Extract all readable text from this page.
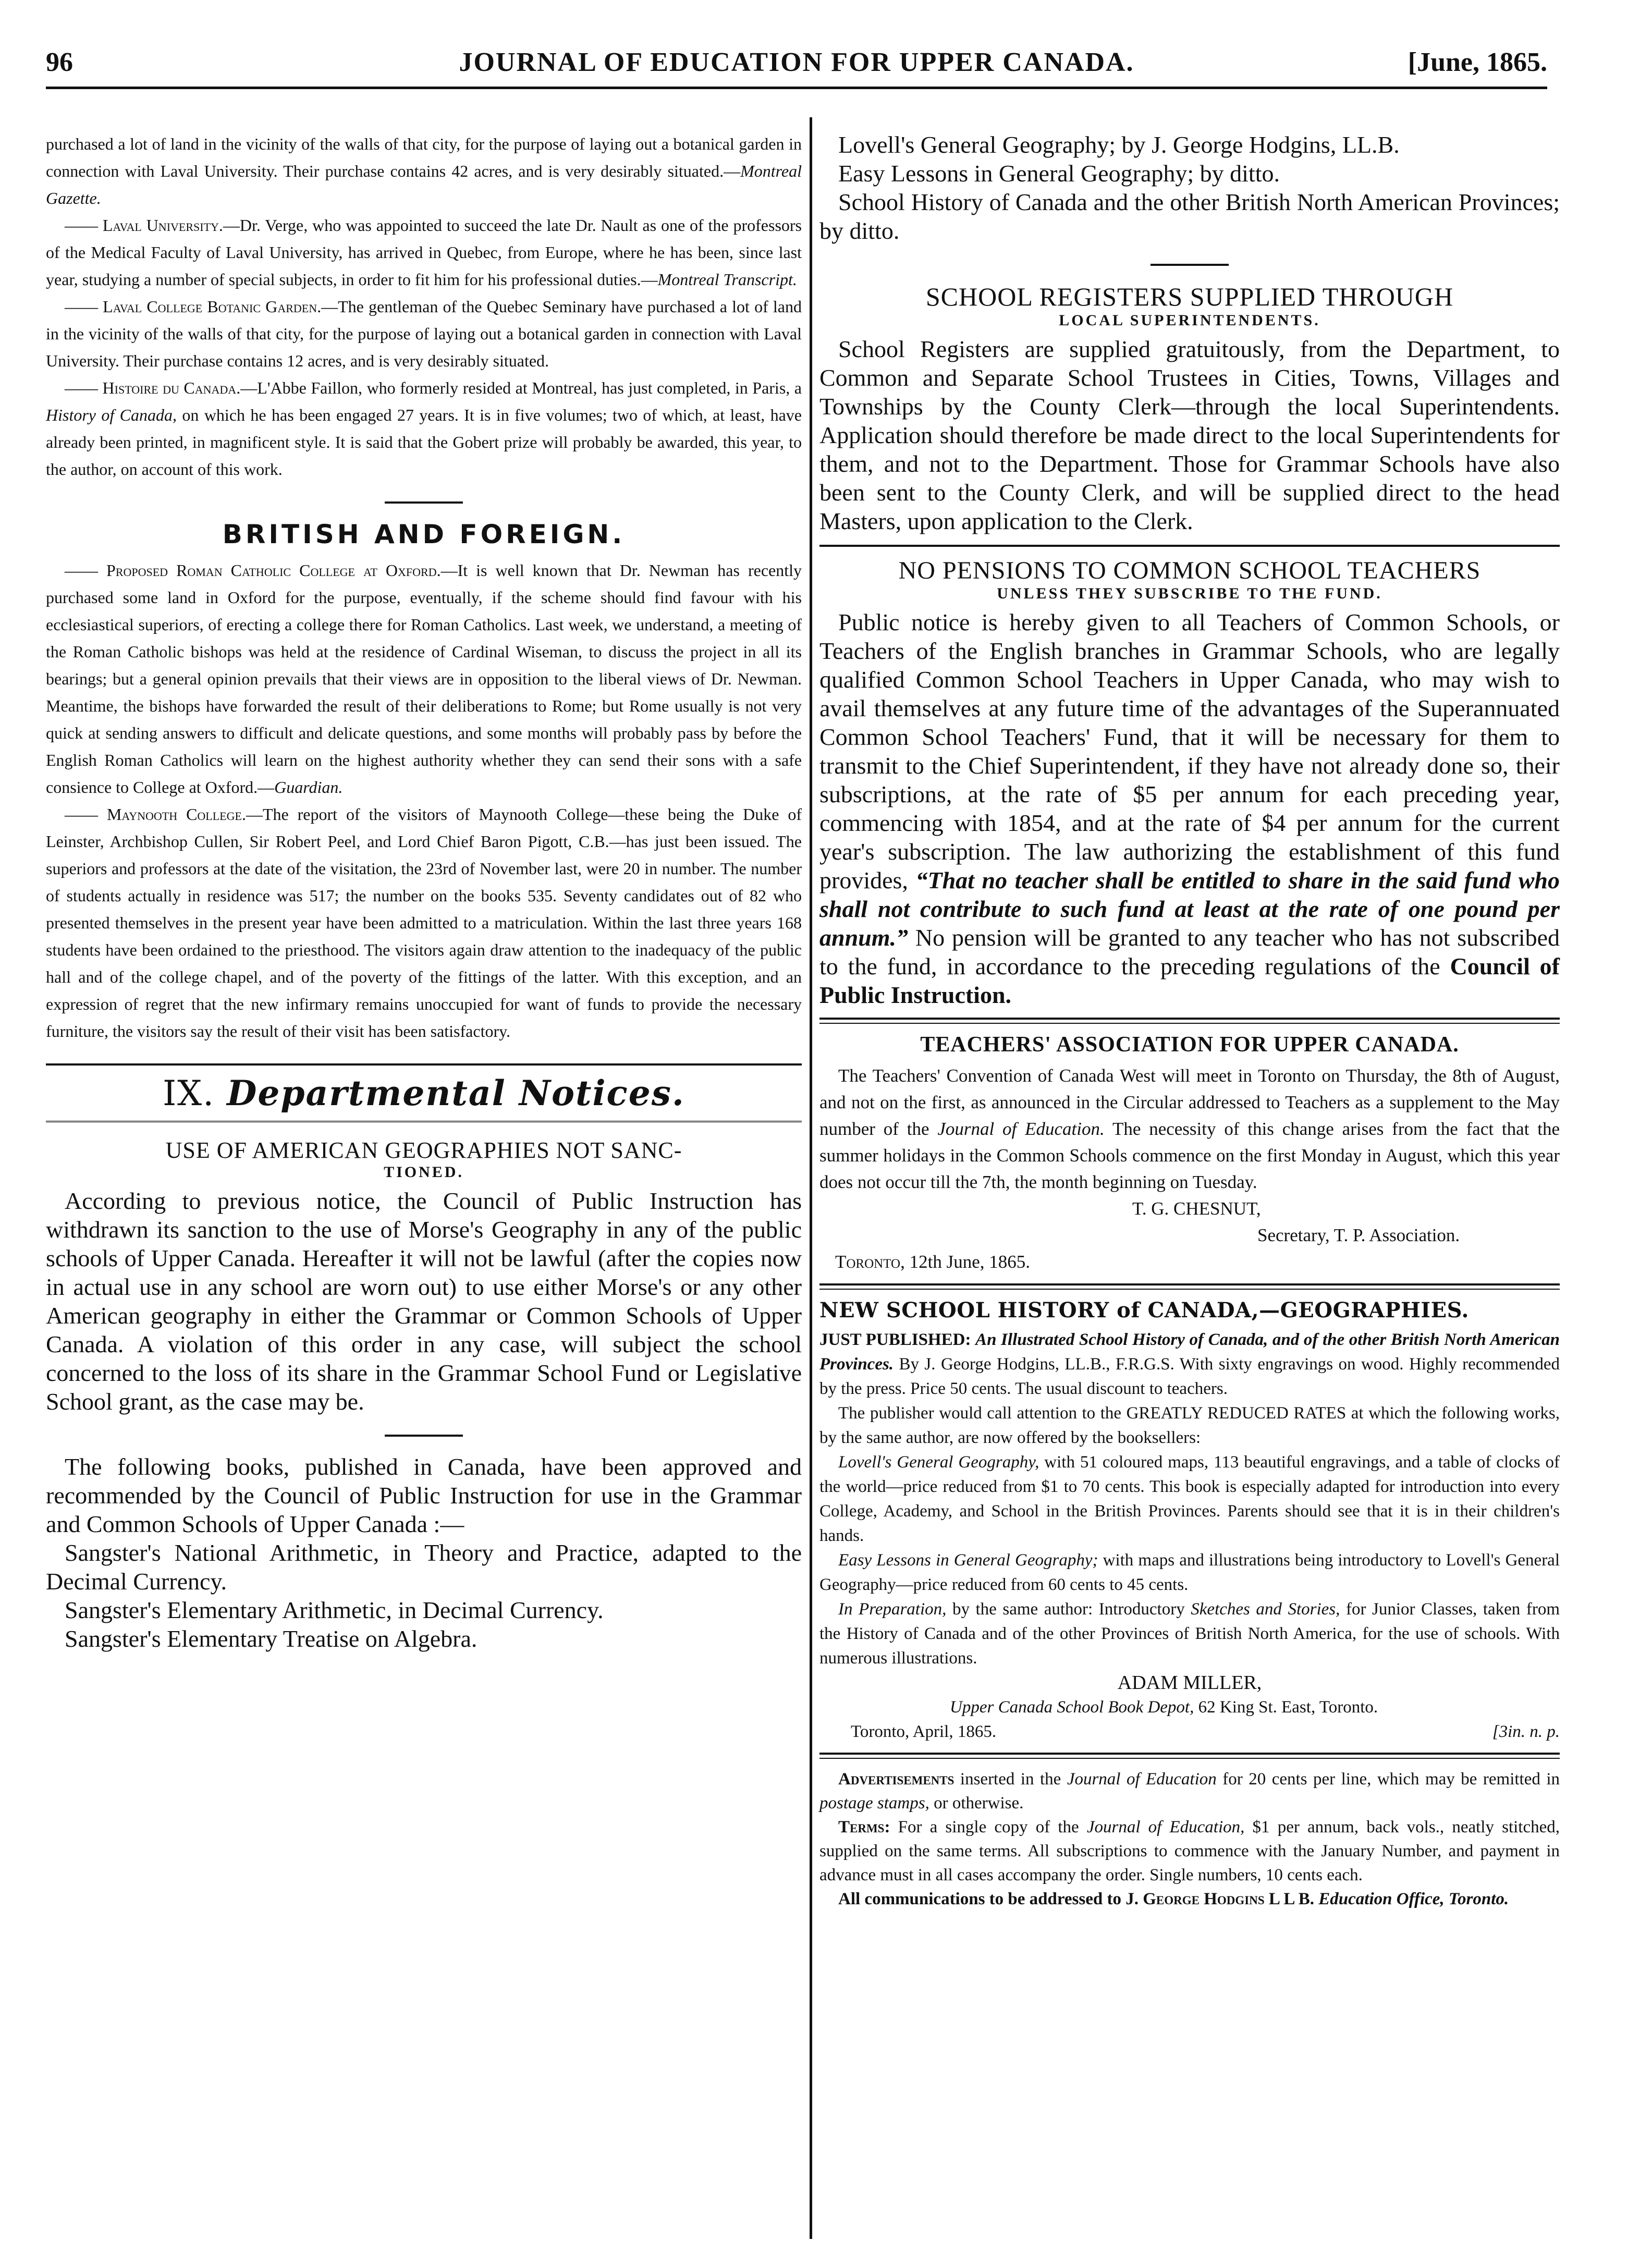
96	JOURNAL OF EDUCATION FOR UPPER CANADA.	[June, 1865.

purchased a lot of land in the vicinity of the walls of that city, for the purpose of laying out a botanical garden in connection with Laval University. Their purchase contains 42 acres, and is very desirably situated.—Montreal Gazette.

—— Laval University.—Dr. Verge, who was appointed to succeed the late Dr. Nault as one of the professors of the Medical Faculty of Laval University, has arrived in Quebec, from Europe, where he has been, since last year, studying a number of special subjects, in order to fit him for his professional duties.—Montreal Transcript.

—— Laval College Botanic Garden.—The gentleman of the Quebec Seminary have purchased a lot of land in the vicinity of the walls of that city, for the purpose of laying out a botanical garden in connection with Laval University. Their purchase contains 12 acres, and is very desirably situated.

—— Histoire du Canada.—L'Abbe Faillon, who formerly resided at Montreal, has just completed, in Paris, a History of Canada, on which he has been engaged 27 years. It is in five volumes; two of which, at least, have already been printed, in magnificent style. It is said that the Gobert prize will probably be awarded, this year, to the author, on account of this work.

BRITISH AND FOREIGN.

—— Proposed Roman Catholic College at Oxford.—It is well known that Dr. Newman has recently purchased some land in Oxford for the purpose, eventually, if the scheme should find favour with his ecclesiastical superiors, of erecting a college there for Roman Catholics. Last week, we understand, a meeting of the Roman Catholic bishops was held at the residence of Cardinal Wiseman, to discuss the project in all its bearings; but a general opinion prevails that their views are in opposition to the liberal views of Dr. Newman. Meantime, the bishops have forwarded the result of their deliberations to Rome; but Rome usually is not very quick at sending answers to difficult and delicate questions, and some months will probably pass by before the English Roman Catholics will learn on the highest authority whether they can send their sons with a safe consience to College at Oxford.—Guardian.

—— Maynooth College.—The report of the visitors of Maynooth College—these being the Duke of Leinster, Archbishop Cullen, Sir Robert Peel, and Lord Chief Baron Pigott, C.B.—has just been issued. The superiors and professors at the date of the visitation, the 23rd of November last, were 20 in number. The number of students actually in residence was 517; the number on the books 535. Seventy candidates out of 82 who presented themselves in the present year have been admitted to a matriculation. Within the last three years 168 students have been ordained to the priesthood. The visitors again draw attention to the inadequacy of the public hall and of the college chapel, and of the poverty of the fittings of the latter. With this exception, and an expression of regret that the new infirmary remains unoccupied for want of funds to provide the necessary furniture, the visitors say the result of their visit has been satisfactory.

IX. Departmental Notices.
USE OF AMERICAN GEOGRAPHIES NOT SANC-
TIONED.

According to previous notice, the Council of Public Instruction has withdrawn its sanction to the use of Morse's Geography in any of the public schools of Upper Canada. Hereafter it will not be lawful (after the copies now in actual use in any school are worn out) to use either Morse's or any other American geography in either the Grammar or Common Schools of Upper Canada. A violation of this order in any case, will subject the school concerned to the loss of its share in the Grammar School Fund or Legislative School grant, as the case may be.

The following books, published in Canada, have been approved and recommended by the Council of Public Instruction for use in the Grammar and Common Schools of Upper Canada :—

Sangster's National Arithmetic, in Theory and Practice, adapted to the Decimal Currency.

Sangster's Elementary Arithmetic, in Decimal Currency.

Sangster's Elementary Treatise on Algebra.

Lovell's General Geography; by J. George Hodgins, LL.B.

Easy Lessons in General Geography; by ditto.

School History of Canada and the other British North American Provinces; by ditto.

SCHOOL REGISTERS SUPPLIED THROUGH
LOCAL SUPERINTENDENTS.

School Registers are supplied gratuitously, from the Department, to Common and Separate School Trustees in Cities, Towns, Villages and Townships by the County Clerk—through the local Superintendents. Application should therefore be made direct to the local Superintendents for them, and not to the Department. Those for Grammar Schools have also been sent to the County Clerk, and will be supplied direct to the head Masters, upon application to the Clerk.

NO PENSIONS TO COMMON SCHOOL TEACHERS
UNLESS THEY SUBSCRIBE TO THE FUND.

Public notice is hereby given to all Teachers of Common Schools, or Teachers of the English branches in Grammar Schools, who are legally qualified Common School Teachers in Upper Canada, who may wish to avail themselves at any future time of the advantages of the Superannuated Common School Teachers' Fund, that it will be necessary for them to transmit to the Chief Superintendent, if they have not already done so, their subscriptions, at the rate of $5 per annum for each preceding year, commencing with 1854, and at the rate of $4 per annum for the current year's subscription. The law authorizing the establishment of this fund provides, “That no teacher shall be entitled to share in the said fund who shall not contribute to such fund at least at the rate of one pound per annum.” No pension will be granted to any teacher who has not subscribed to the fund, in accordance to the preceding regulations of the Council of Public Instruction.

TEACHERS' ASSOCIATION FOR UPPER CANADA.

The Teachers' Convention of Canada West will meet in Toronto on Thursday, the 8th of August, and not on the first, as announced in the Circular addressed to Teachers as a supplement to the May number of the Journal of Education. The necessity of this change arises from the fact that the summer holidays in the Common Schools commence on the first Monday in August, which this year does not occur till the 7th, the month beginning on Tuesday.

T. G. CHESNUT,

Secretary, T. P. Association.

Toronto, 12th June, 1865.

NEW SCHOOL HISTORY of CANADA,—GEOGRAPHIES.

JUST PUBLISHED: An Illustrated School History of Canada, and of the other British North American Provinces. By J. George Hodgins, LL.B., F.R.G.S. With sixty engravings on wood. Highly recommended by the press. Price 50 cents. The usual discount to teachers.

The publisher would call attention to the GREATLY REDUCED RATES at which the following works, by the same author, are now offered by the booksellers:

Lovell's General Geography, with 51 coloured maps, 113 beautiful engravings, and a table of clocks of the world—price reduced from $1 to 70 cents. This book is especially adapted for introduction into every College, Academy, and School in the British Provinces. Parents should see that it is in their children's hands.

Easy Lessons in General Geography; with maps and illustrations being introductory to Lovell's General Geography—price reduced from 60 cents to 45 cents.

In Preparation, by the same author: Introductory Sketches and Stories, for Junior Classes, taken from the History of Canada and of the other Provinces of British North America, for the use of schools. With numerous illustrations.

ADAM MILLER,

Upper Canada School Book Depot, 62 King St. East, Toronto.

Toronto, April, 1865.	[3in. n. p.

Advertisements inserted in the Journal of Education for 20 cents per line, which may be remitted in postage stamps, or otherwise.

Terms: For a single copy of the Journal of Education, $1 per annum, back vols., neatly stitched, supplied on the same terms. All subscriptions to commence with the January Number, and payment in advance must in all cases accompany the order. Single numbers, 10 cents each.

All communications to be addressed to J. George Hodgins L L B. Education Office, Toronto.
